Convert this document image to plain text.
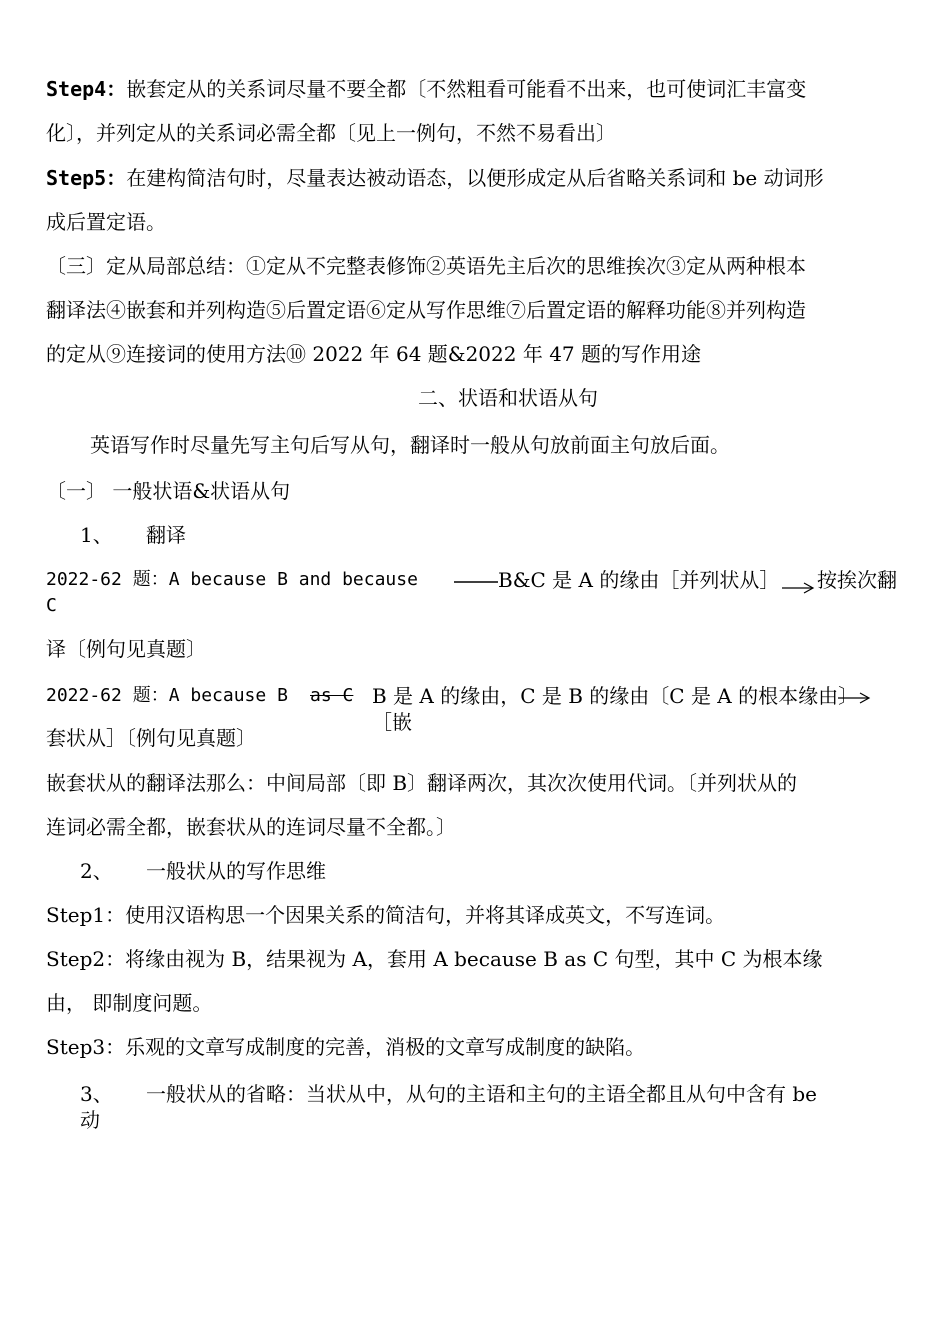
Step4：嵌套定从的关系词尽量不要全都〔不然粗看可能看不出来，也可使词汇丰富变
化〕，并列定从的关系词必需全都〔见上一例句，不然不易看出〕
Step5：在建构简洁句时，尽量表达被动语态，以便形成定从后省略关系词和 be 动词形
成后置定语。
〔三〕定从局部总结：①定从不完整表修饰②英语先主后次的思维挨次③定从两种根本
翻译法④嵌套和并列构造⑤后置定语⑥定从写作思维⑦后置定语的解释功能⑧并列构造
的定从⑨连接词的使用方法⑩ 2022 年 64 题&2022 年 47 题的写作用途
二、状语和状语从句
英语写作时尽量先写主句后写从句，翻译时一般从句放前面主句放后面。
〔一〕 一般状语&状语从句
1、 翻译
2022-62 题：A because B and because
C
B&C 是 A 的缘由［并列状从］ 按挨次翻
译〔例句见真题〕
2022-62 题：A because B as C B 是 A 的缘由，C 是 B 的缘由〔C 是 A 的根本缘由〕
［嵌
套状从］〔例句见真题〕
嵌套状从的翻译法那么：中间局部〔即 B〕翻译两次，其次次使用代词。〔并列状从的
连词必需全都，嵌套状从的连词尽量不全都。〕
2、 一般状从的写作思维
Step1：使用汉语构思一个因果关系的简洁句，并将其译成英文，不写连词。
Step2：将缘由视为 B，结果视为 A，套用 A because B as C 句型，其中 C 为根本缘
由， 即制度问题。
Step3：乐观的文章写成制度的完善，消极的文章写成制度的缺陷。
3、 一般状从的省略：当状从中，从句的主语和主句的主语全都且从句中含有 be
动
